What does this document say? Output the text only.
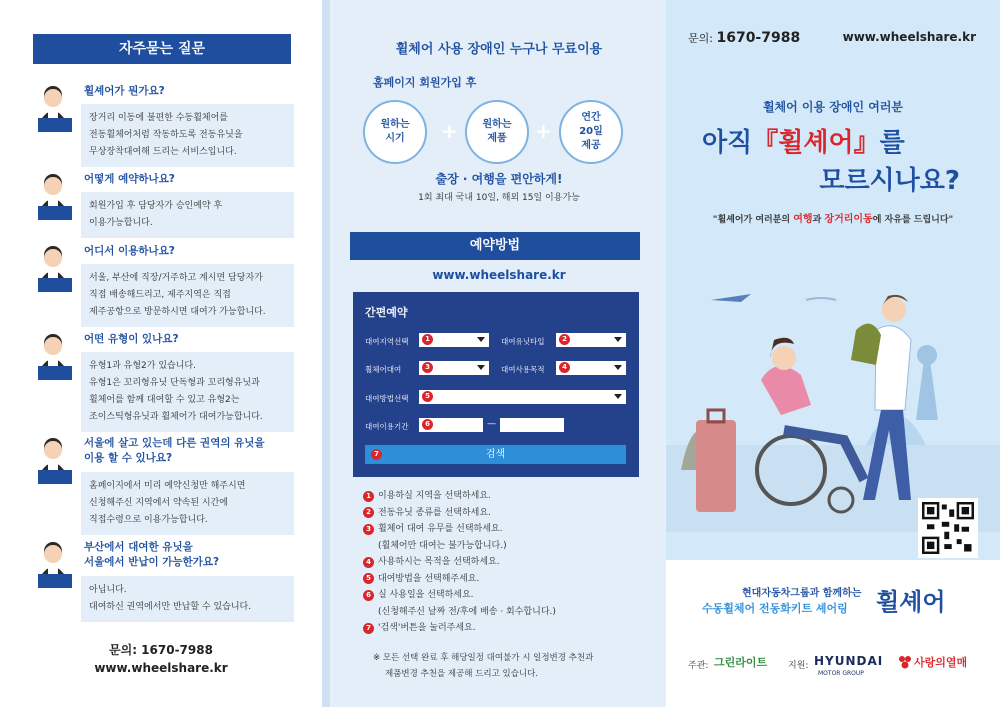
자주묻는 질문
휠셰어가 뭔가요?
장거리 이동에 불편한 수동휠체어를
전동휠체어처럼 작동하도록 전동유닛을
무상장착대여해 드리는 서비스입니다.
어떻게 예약하나요?
회원가입 후 담당자가 승인예약 후
이용가능합니다.
어디서 이용하나요?
서울, 부산에 직장/거주하고 계시면 담당자가
직접 배송해드리고, 제주지역은 직접
제주공항으로 방문하시면 대여가 가능합니다.
어떤 유형이 있나요?
유형1과 유형2가 있습니다.
유형1은 꼬리형유닛 단독형과 꼬리형유닛과
휠체어를 함께 대여할 수 있고 유형2는
조이스틱형유닛과 휠체어가 대여가능합니다.
서울에 살고 있는데 다른 권역의 유닛을
이용 할 수 있나요?
홈페이지에서 미리 예약신청만 해주시면
신청해주신 지역에서 약속된 시간에
직접수령으로 이용가능합니다.
부산에서 대여한 유닛을
서울에서 반납이 가능한가요?
아닙니다.
대여하신 권역에서만 반납할 수 있습니다.
문의: 1670-7988
www.wheelshare.kr
휠체어 사용 장애인 누구나 무료이용
홈페이지 회원가입 후
원하는
시기 + 원하는
제품 +
연간
20일
제공
출장 · 여행을 편안하게!
1회 최대 국내 10일, 해외 15일 이용가능
예약방법
www.wheelshare.kr
간편예약
대여지역선택	1	대여유닛타입	2
휠체어대여	3	대여사용목적	4
대여방법선택	5
대여이용기간	6	—
7	검색
1 이용하실 지역을 선택하세요.
2 전동유닛 종류를 선택하세요.
3 휠체어 대여 유무를 선택하세요.
(휠체어만 대여는 불가능합니다.)
4 사용하시는 목적을 선택하세요.
5 대여방법을 선택해주세요.
6 실 사용일을 선택하세요.
(신청해주신 날짜 전/후에 배송 · 회수합니다.)
7 '검색'버튼을 눌러주세요.
※ 모든 선택 완료 후 해당일정 대여불가 시 일정변경 추천과
제품변경 추천을 제공해 드리고 있습니다.
문의: 1670-7988	www.wheelshare.kr
휠체어 이용 장애인 여러분
아직『휠셰어』를
모르시나요?
"휠셰어가 여러분의 여행과 장거리이동에 자유를 드립니다"
현대자동차그룹과 함께하는
수동휠체어 전동화키트 셰어링 휠셰어
주관: 그린라이트 지원: HYUNDAI
MOTOR GROUP
사랑의열매
